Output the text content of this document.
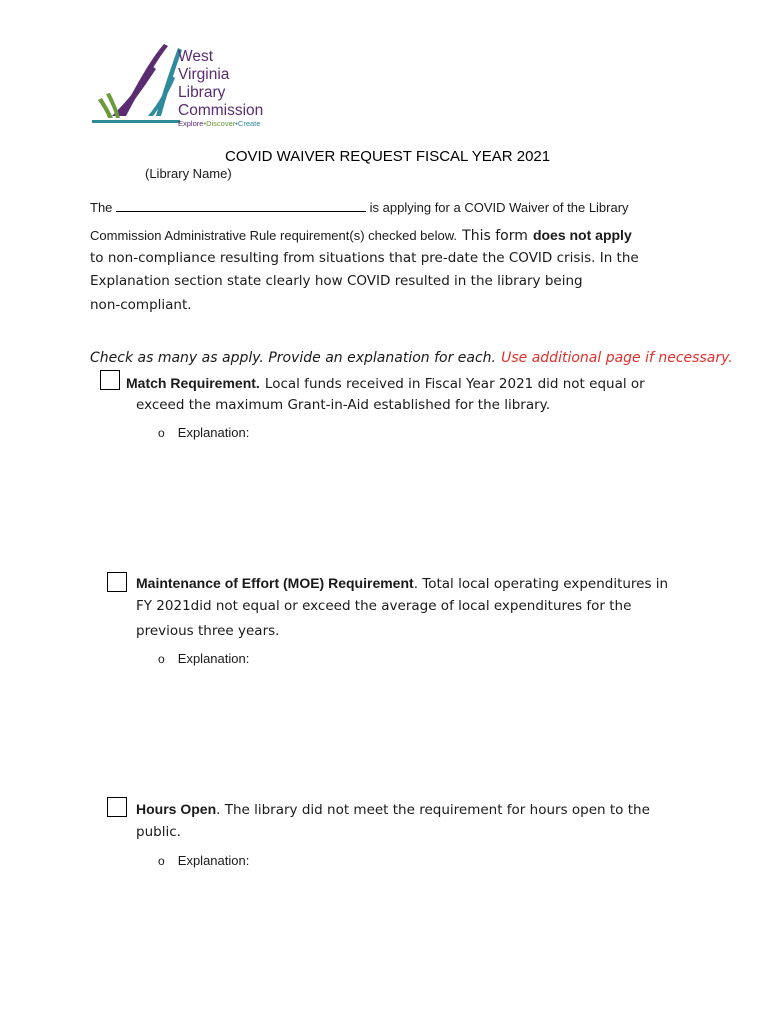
West
Virginia
Library
Commission
Explore•Discover•Create
COVID WAIVER REQUEST FISCAL YEAR 2021
(Library Name)
The	is applying for a COVID Waiver of the Library
Commission Administrative Rule requirement(s) checked below. This form does not apply
to non-compliance resulting from situations that pre-date the COVID crisis. In the
Explanation section state clearly how COVID resulted in the library being
non-compliant.
Check as many as apply. Provide an explanation for each. Use additional page if necessary.
Match Requirement. Local funds received in Fiscal Year 2021 did not equal or
exceed the maximum Grant-in-Aid established for the library.
o Explanation:
Maintenance of Effort (MOE) Requirement. Total local operating expenditures in
FY 2021did not equal or exceed the average of local expenditures for the
previous three years.
o Explanation:
Hours Open. The library did not meet the requirement for hours open to the
public.
o Explanation:
